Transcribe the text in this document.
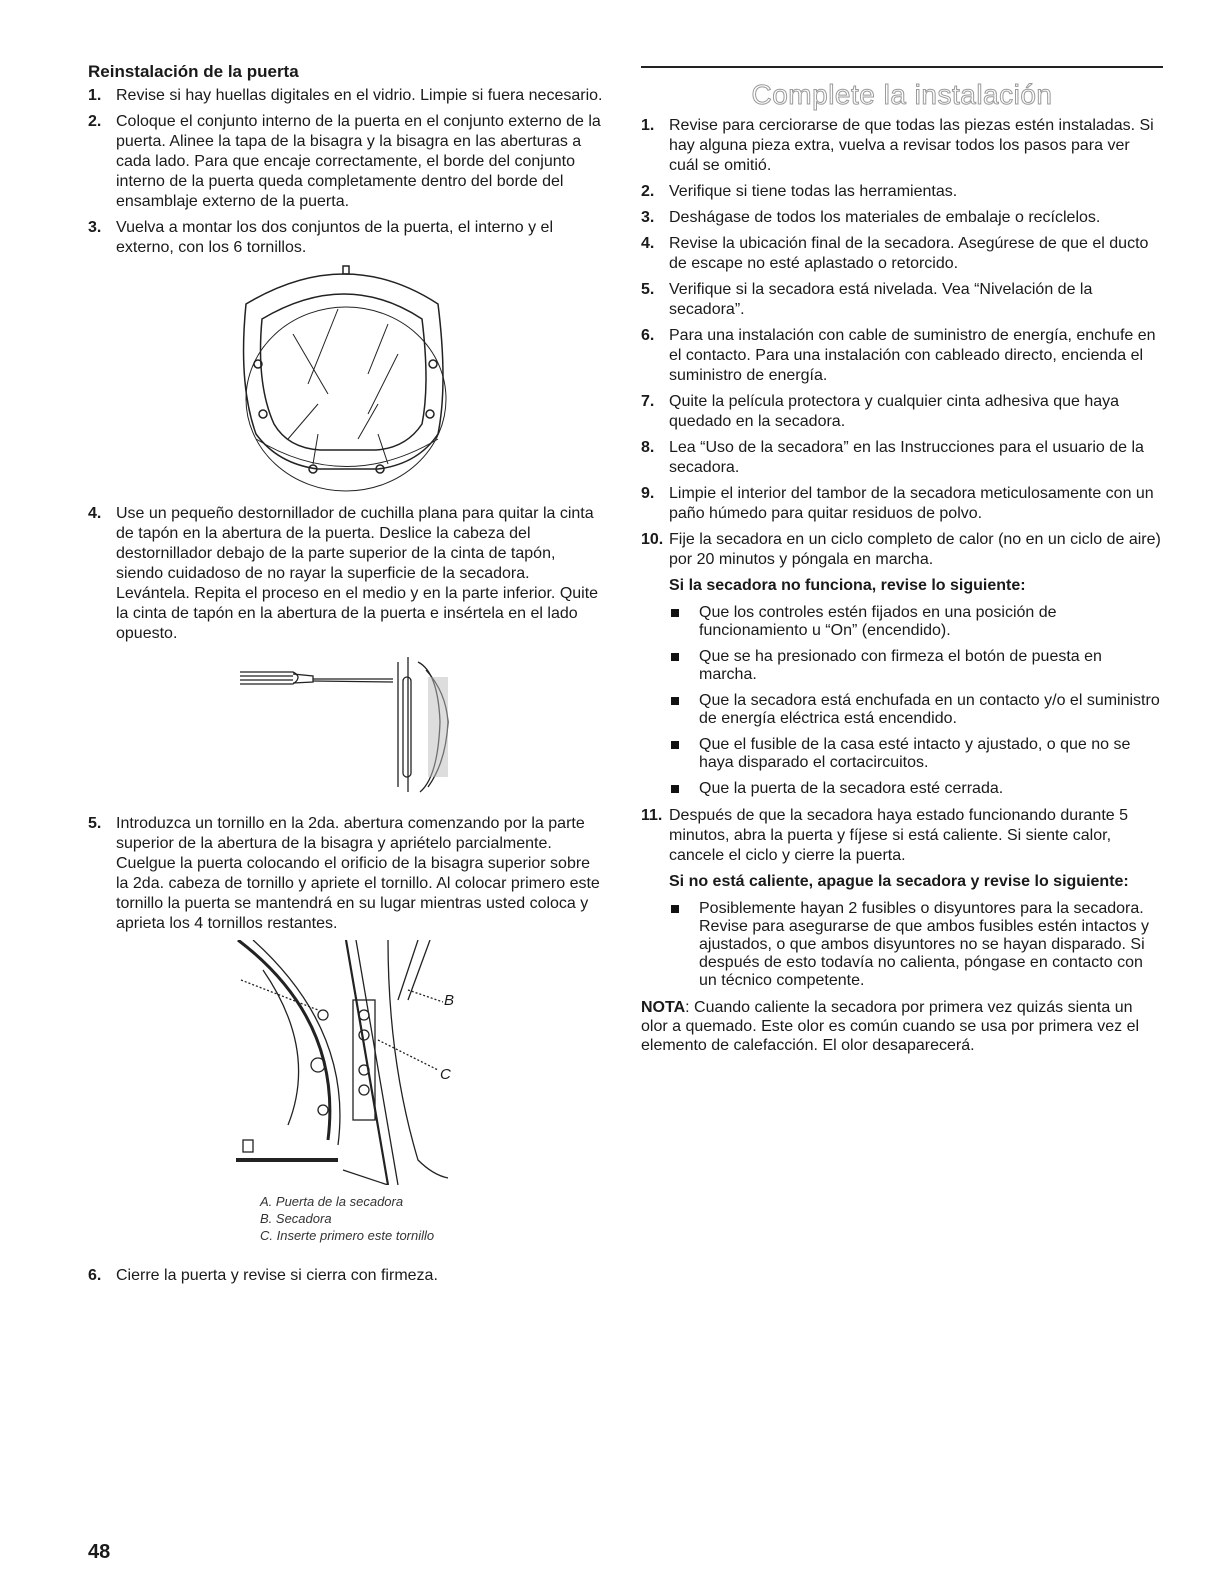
Reinstalación de la puerta
1. Revise si hay huellas digitales en el vidrio. Limpie si fuera necesario.
2. Coloque el conjunto interno de la puerta en el conjunto externo de la puerta. Alinee la tapa de la bisagra y la bisagra en las aberturas a cada lado. Para que encaje correctamente, el borde del conjunto interno de la puerta queda completamente dentro del borde del ensamblaje externo de la puerta.
3. Vuelva a montar los dos conjuntos de la puerta, el interno y el externo, con los 6 tornillos.
4. Use un pequeño destornillador de cuchilla plana para quitar la cinta de tapón en la abertura de la puerta. Deslice la cabeza del destornillador debajo de la parte superior de la cinta de tapón, siendo cuidadoso de no rayar la superficie de la secadora. Levántela. Repita el proceso en el medio y en la parte inferior. Quite la cinta de tapón en la abertura de la puerta e insértela en el lado opuesto.
5. Introduzca un tornillo en la 2da. abertura comenzando por la parte superior de la abertura de la bisagra y apriételo parcialmente. Cuelgue la puerta colocando el orificio de la bisagra superior sobre la 2da. cabeza de tornillo y apriete el tornillo. Al colocar primero este tornillo la puerta se mantendrá en su lugar mientras usted coloca y aprieta los 4 tornillos restantes.
B
C
A. Puerta de la secadora
B. Secadora
C. Inserte primero este tornillo
6. Cierre la puerta y revise si cierra con firmeza.
Complete la instalación
1. Revise para cerciorarse de que todas las piezas estén instaladas. Si hay alguna pieza extra, vuelva a revisar todos los pasos para ver cuál se omitió.
2. Verifique si tiene todas las herramientas.
3. Deshágase de todos los materiales de embalaje o recíclelos.
4. Revise la ubicación final de la secadora. Asegúrese de que el ducto de escape no esté aplastado o retorcido.
5. Verifique si la secadora está nivelada. Vea “Nivelación de la secadora”.
6. Para una instalación con cable de suministro de energía, enchufe en el contacto. Para una instalación con cableado directo, encienda el suministro de energía.
7. Quite la película protectora y cualquier cinta adhesiva que haya quedado en la secadora.
8. Lea “Uso de la secadora” en las Instrucciones para el usuario de la secadora.
9. Limpie el interior del tambor de la secadora meticulosamente con un paño húmedo para quitar residuos de polvo.
10. Fije la secadora en un ciclo completo de calor (no en un ciclo de aire) por 20 minutos y póngala en marcha.
Si la secadora no funciona, revise lo siguiente:
Que los controles estén fijados en una posición de funcionamiento u “On” (encendido).
Que se ha presionado con firmeza el botón de puesta en marcha.
Que la secadora está enchufada en un contacto y/o el suministro de energía eléctrica está encendido.
Que el fusible de la casa esté intacto y ajustado, o que no se haya disparado el cortacircuitos.
Que la puerta de la secadora esté cerrada.
11. Después de que la secadora haya estado funcionando durante 5 minutos, abra la puerta y fíjese si está caliente. Si siente calor, cancele el ciclo y cierre la puerta.
Si no está caliente, apague la secadora y revise lo siguiente:
Posiblemente hayan 2 fusibles o disyuntores para la secadora. Revise para asegurarse de que ambos fusibles estén intactos y ajustados, o que ambos disyuntores no se hayan disparado. Si después de esto todavía no calienta, póngase en contacto con un técnico competente.
NOTA: Cuando caliente la secadora por primera vez quizás sienta un olor a quemado. Este olor es común cuando se usa por primera vez el elemento de calefacción. El olor desaparecerá.
48
